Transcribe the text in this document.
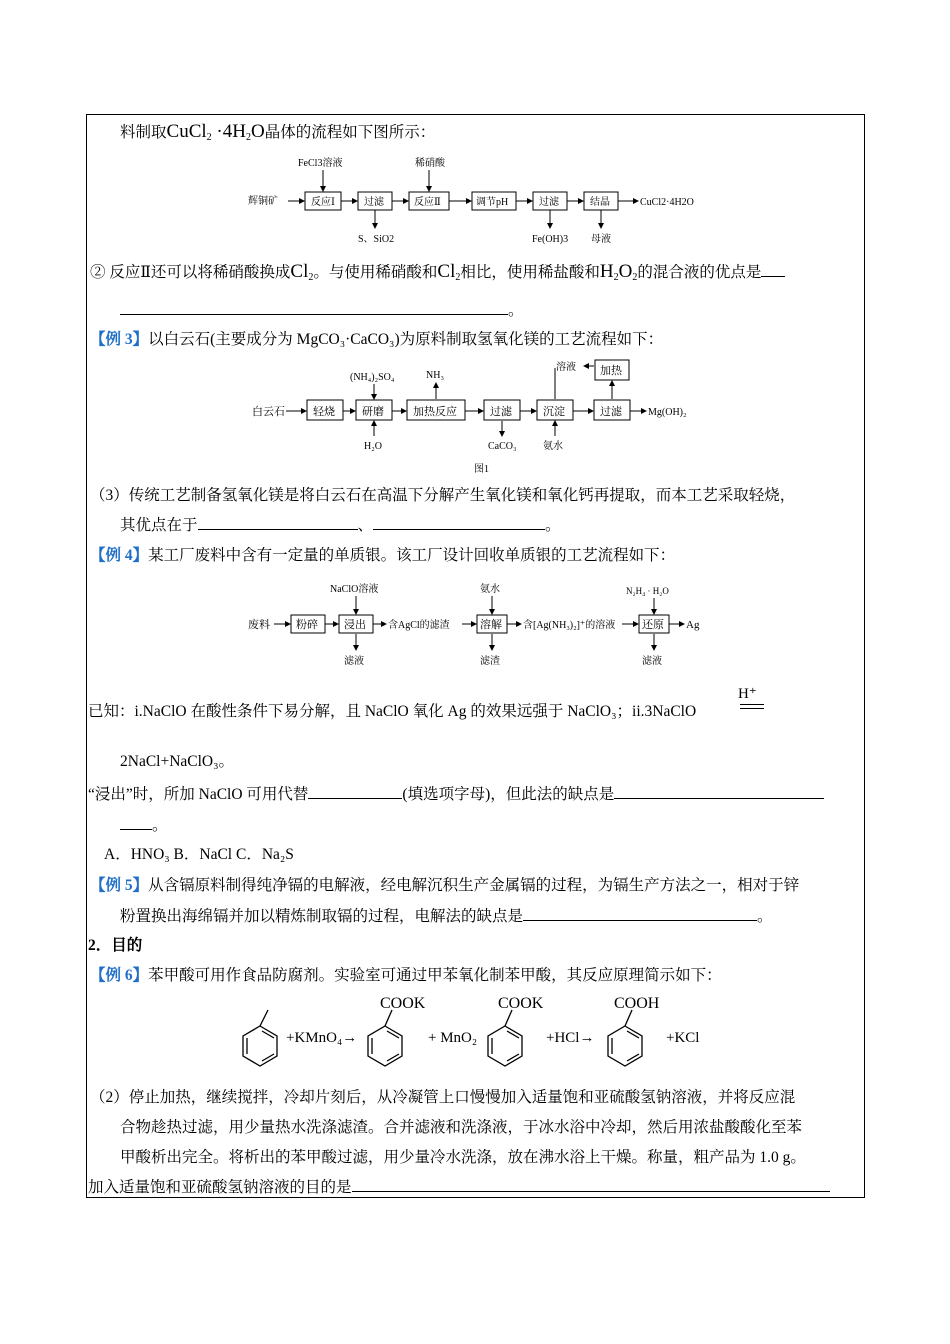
料制取CuCl$_2$ $\cdot 4H_2O$晶体的流程如下图所示：
辉铜矿	反应Ⅰ
FeCl3溶液
过滤
S、SiO2
反应Ⅱ
稀硝酸
调节pH	过滤
Fe(OH)3
结晶
母液
CuCl2·4H2O
② 反应Ⅱ还可以将稀硝酸换成$Cl_2$。与使用稀硝酸和$Cl_2$相比，使用稀盐酸和$H_2O_2$的混合液的优点是
。
【例 3】以白云石(主要成分为 MgCO₃·CaCO₃)为原料制取氢氧化镁的工艺流程如下：
白云石	轻烧 研磨
(NH₄)₂SO₄
H₂O
加热反应
NH₃
过滤
CaCO₃
沉淀
氨水
溶液 加热
过滤	Mg(OH)₂
图1
（3）传统工艺制备氢氧化镁是将白云石在高温下分解产生氧化镁和氧化钙再提取，而本工艺采取轻烧，
其优点在于	、	。
【例 4】某工厂废料中含有一定量的单质银。该工厂设计回收单质银的工艺流程如下：
废料 粉碎 浸出
NaClO溶液
滤液
含AgCl的滤渣	溶解
氨水
滤渣
含[Ag(NH₃)₂]⁺的溶液 还原
N₂H₄ · H₂O
滤液
Ag
已知：i.NaClO 在酸性条件下易分解，且 NaClO 氧化 Ag 的效果远强于 NaClO₃；ii.3NaClO
H⁺
2NaCl+NaClO₃。
“浸出”时，所加 NaClO 可用代替	(填选项字母)，但此法的缺点是
。
A．HNO₃ B．NaCl C．Na₂S
【例 5】从含镉原料制得纯净镉的电解液，经电解沉积生产金属镉的过程，为镉生产方法之一，相对于锌
粉置换出海绵镉并加以精炼制取镉的过程，电解法的缺点是	。
2．目的
【例 6】苯甲酸可用作食品防腐剂。实验室可通过甲苯氧化制苯甲酸，其反应原理简示如下：
+KMnO₄→
COOK
+ MnO₂
COOK
+HCl→
COOH
+KCl
（2）停止加热，继续搅拌，冷却片刻后，从冷凝管上口慢慢加入适量饱和亚硫酸氢钠溶液，并将反应混
合物趁热过滤，用少量热水洗涤滤渣。合并滤液和洗涤液，于冰水浴中冷却，然后用浓盐酸酸化至苯
甲酸析出完全。将析出的苯甲酸过滤，用少量冷水洗涤，放在沸水浴上干燥。称量，粗产品为 1.0 g。
加入适量饱和亚硫酸氢钠溶液的目的是
